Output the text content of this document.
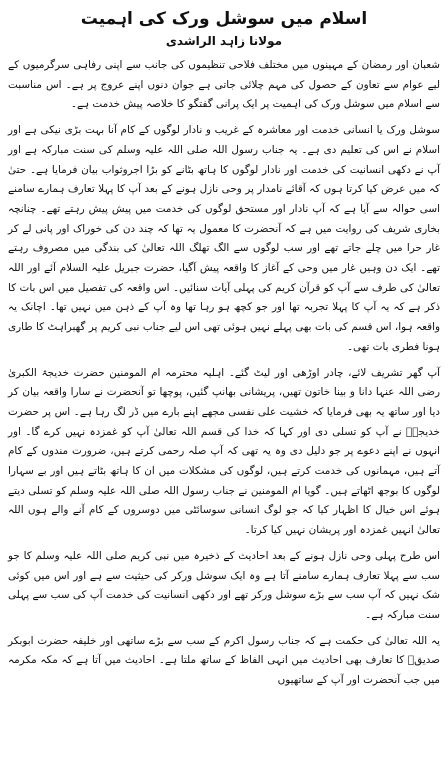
اسلام میں سوشل ورک کی اہمیت
مولانا زاہد الراشدی

شعبان اور رمضان کے مہینوں میں مختلف فلاحی تنظیموں کی جانب سے اپنی رفاہی سرگرمیوں کے لیے عوام سے تعاون کے حصول کی مہم چلائی جاتی ہے جوان دنوں اپنے عروج پر ہے۔ اس مناسبت سے اسلام میں سوشل ورک کی اہمیت پر ایک پرانی گفتگو کا خلاصہ پیش خدمت ہے۔

سوشل ورک یا انسانی خدمت اور معاشرہ کے غریب و نادار لوگوں کے کام آنا بہت بڑی نیکی ہے اور اسلام نے اس کی تعلیم دی ہے۔ یہ جناب رسول اللہ صلی اللہ علیہ وسلم کی سنت مبارکہ ہے اور آپ نے دکھی انسانیت کی خدمت اور نادار لوگوں کا ہاتھ بٹانے کو بڑا اجروثواب بیان فرمایا ہے۔ حتیٰ کہ میں عرض کیا کرتا ہوں کہ آقائے نامدار پر وحی نازل ہونے کے بعد آپ کا پہلا تعارف ہمارے سامنے اسی حوالہ سے آیا ہے کہ آپ نادار اور مستحق لوگوں کی خدمت میں پیش پیش رہتے تھے۔ چنانچہ بخاری شریف کی روایت میں ہے کہ آنحضرت کا معمول یہ تھا کہ چند دن کی خوراک اور پانی لے کر غار حرا میں چلے جاتے تھے اور سب لوگوں سے الگ تھلگ اللہ تعالیٰ کی بندگی میں مصروف رہتے تھے۔ ایک دن وہیں غار میں وحی کے آغاز کا واقعہ پیش آگیا، حضرت جبریل علیہ السلام آئے اور اللہ تعالیٰ کی طرف سے آپ کو قرآن کریم کی پہلی آیات سنائیں۔ اس واقعہ کی تفصیل میں اس بات کا ذکر ہے کہ یہ آپ کا پہلا تجربہ تھا اور جو کچھ ہو رہا تھا وہ آپ کے ذہن میں نہیں تھا۔ اچانک یہ واقعہ ہوا، اس قسم کی بات بھی پہلے نہیں ہوئی تھی اس لیے جناب نبی کریم پر گھبراہٹ کا طاری ہونا فطری بات تھی۔

آپ گھر تشریف لائے، چادر اوڑھی اور لیٹ گئے۔ اہلیہ محترمہ ام المومنین حضرت خدیجۃ الکبریٰ رضی اللہ عنہا دانا و بینا خاتون تھیں، پریشانی بھانپ گئیں، پوچھا تو آنحضرت نے سارا واقعہ بیان کر دیا اور ساتھ یہ بھی فرمایا کہ خشیت علی نفسی مجھے اپنے بارے میں ڈر لگ رہا ہے۔ اس پر حضرت خدیجہؓ نے آپ کو تسلی دی اور کہا کہ خدا کی قسم اللہ تعالیٰ آپ کو غمزدہ نہیں کرے گا۔ اور انہوں نے اپنے دعوے پر جو دلیل دی وہ یہ تھی کہ آپ صلہ رحمی کرتے ہیں، ضرورت مندوں کے کام آتے ہیں، مہمانوں کی خدمت کرتے ہیں، لوگوں کی مشکلات میں ان کا ہاتھ بٹاتے ہیں اور بے سہارا لوگوں کا بوجھ اٹھاتے ہیں۔ گویا ام المومنین نے جناب رسول اللہ صلی اللہ علیہ وسلم کو تسلی دیتے ہوئے اس خیال کا اظہار کیا کہ جو لوگ انسانی سوسائٹی میں دوسروں کے کام آنے والے ہوں اللہ تعالیٰ انہیں غمزدہ اور پریشان نہیں کیا کرتا۔

اس طرح پہلی وحی نازل ہونے کے بعد احادیث کے ذخیرہ میں نبی کریم صلی اللہ علیہ وسلم کا جو سب سے پہلا تعارف ہمارے سامنے آتا ہے وہ ایک سوشل ورکر کی حیثیت سے ہے اور اس میں کوئی شک نہیں کہ آپ سب سے بڑے سوشل ورکر تھے اور دکھی انسانیت کی خدمت آپ کی سب سے پہلی سنت مبارکہ ہے۔

یہ اللہ تعالیٰ کی حکمت ہے کہ جناب رسول اکرم کے سب سے بڑے ساتھی اور خلیفہ حضرت ابوبکر صدیقؓ کا تعارف بھی احادیث میں انہی الفاظ کے ساتھ ملتا ہے۔ احادیث میں آتا ہے کہ مکہ مکرمہ میں جب آنحضرت اور آپ کے ساتھیوں
